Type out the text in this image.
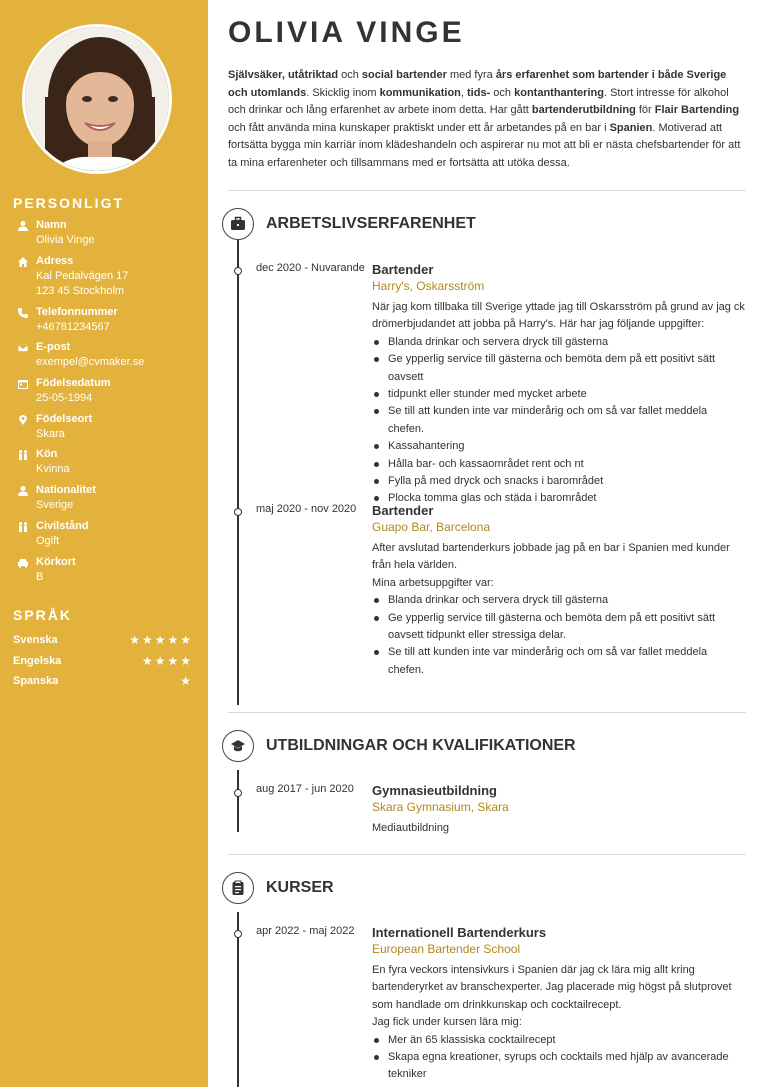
PERSONLIGT
Namn
Olivia Vinge
Adress
Kal Pedalvägen 17
123 45 Stockholm
Telefonnummer
+46781234567
E-post
exempel@cvmaker.se
Födelsedatum
25-05-1994
Födelseort
Skara
Kön
Kvinna
Nationalitet
Sverige
Civilstånd
Ogift
Körkort
B
SPRÅK
Svenska	★★★★★
Engelska	★★★★
Spanska	★
OLIVIA VINGE
Självsäker, utåtriktad och social bartender med fyra års erfarenhet som bartender i både Sverige och utomlands. Skicklig inom kommunikation, tids- och kontanthantering. Stort intresse för alkohol och drinkar och lång erfarenhet av arbete inom detta. Har gått bartenderutbildning för Flair Bartending och fått använda mina kunskaper praktiskt under ett år arbetandes på en bar i Spanien. Motiverad att fortsätta bygga min karriär inom klädeshandeln och aspirerar nu mot att bli er nästa chefsbartender för att ta mina erfarenheter och tillsammans med er fortsätta att utöka dessa.
ARBETSLIVSERFARENHET
dec 2020 - Nuvarande Bartender
Harry's, Oskarsström
När jag kom tillbaka till Sverige yttade jag till Oskarsström på grund av jag ck drömerbjudandet att jobba på Harry's. Här har jag följande uppgifter:
Blanda drinkar och servera dryck till gästerna
Ge ypperlig service till gästerna och bemöta dem på ett positivt sätt oavsett
tidpunkt eller stunder med mycket arbete
Se till att kunden inte var minderårig och om så var fallet meddela chefen.
Kassahantering
Hålla bar- och kassaområdet rent och nt
Fylla på med dryck och snacks i barområdet
Plocka tomma glas och städa i barområdet
maj 2020 - nov 2020	Bartender
Guapo Bar, Barcelona
After avslutad bartenderkurs jobbade jag på en bar i Spanien med kunder från hela världen.
Mina arbetsuppgifter var:
Blanda drinkar och servera dryck till gästerna
Ge ypperlig service till gästerna och bemöta dem på ett positivt sätt oavsett tidpunkt eller stressiga delar.
Se till att kunden inte var minderårig och om så var fallet meddela chefen.
UTBILDNINGAR OCH KVALIFIKATIONER
aug 2017 - jun 2020	Gymnasieutbildning
Skara Gymnasium, Skara
Mediautbildning
KURSER
apr 2022 - maj 2022	Internationell Bartenderkurs
European Bartender School
En fyra veckors intensivkurs i Spanien där jag ck lära mig allt kring bartenderyrket av branschexperter. Jag placerade mig högst på slutprovet som handlade om drinkkunskap och cocktailrecept.
Jag fick under kursen lära mig:
Mer än 65 klassiska cocktailrecept
Skapa egna kreationer, syrups och cocktails med hjälp av avancerade tekniker
